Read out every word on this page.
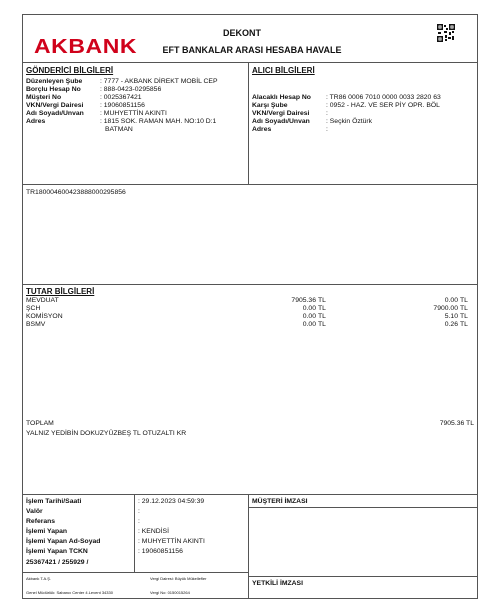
AKBANK
DEKONT
EFT BANKALAR ARASI HESABA HAVALE
GÖNDERİCİ BİLGİLERİ	ALICI BİLGİLERİ
Düzenleyen Şube	: 7777 - AKBANK DİREKT MOBİL CEP
Borçlu Hesap No	: 888-0423-0295856
Müşteri No	: 0025367421
VKN/Vergi Dairesi : 19060851156
Adı Soyadı/Unvan : MUHYETTİN AKINTI
Adres	: 1815 SOK. RAMAN MAH. NO:10 D:1
BATMAN
Alacaklı Hesap No : TR86 0006 7010 0000 0033 2820 63
Karşı Şube	: 0952 - HAZ. VE SER PİY OPR. BÖL
VKN/Vergi Dairesi :
Adı Soyadı/Unvan : Seçkin Öztürk
Adres	:
TR180004600423888000295856
TUTAR BİLGİLERİ
MEVDUAT	7905.36 TL	0.00 TL
ŞCH	0.00 TL	7900.00 TL
KOMİSYON	0.00 TL	5.10 TL
BSMV	0.00 TL	0.26 TL
TOPLAM	7905.36 TL
YALNIZ YEDİBİN DOKUZYÜZBEŞ TL OTUZALTI KR
MÜŞTERİ İMZASI
İşlem Tarihi/Saati	: 29.12.2023 04:59:39
Valör	:
Referans	:
İşlemi Yapan	: KENDİSİ
İşlemi Yapan Ad-Soyad	: MUHYETTİN AKINTI
İşlemi Yapan TCKN	: 19060851156
25367421 / 255929 /
YETKİLİ İMZASI
Akbank T.A.Ş.
Genel Müdürlük: Sabancı Center 4.Levent 34330
Vergi Dairesi: Büyük Mükellefler
Vergi No: 0150015264
